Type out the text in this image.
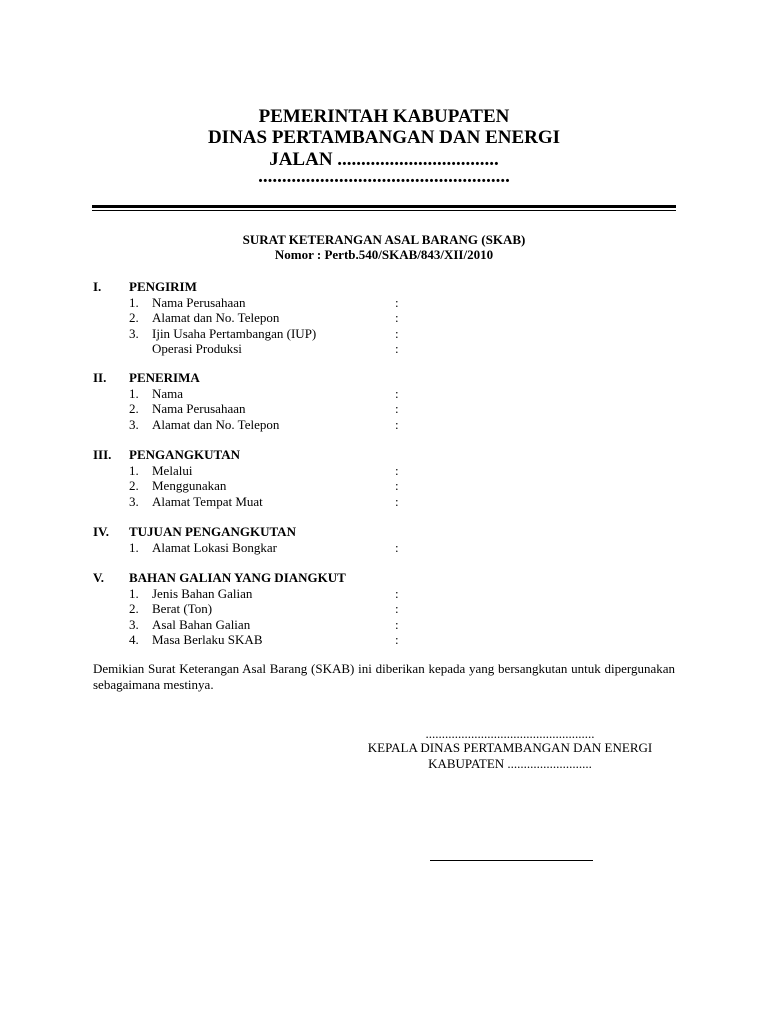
PEMERINTAH KABUPATEN
DINAS PERTAMBANGAN DAN ENERGI
JALAN ..................................
.....................................................
SURAT KETERANGAN ASAL BARANG (SKAB)
Nomor : Pertb.540/SKAB/843/XII/2010
I. PENGIRIM
1. Nama Perusahaan	:
2. Alamat dan No. Telepon	:
3. Ijin Usaha Pertambangan (IUP)	:
Operasi Produksi	:
II. PENERIMA
1. Nama	:
2. Nama Perusahaan	:
3. Alamat dan No. Telepon	:
III. PENGANGKUTAN
1. Melalui	:
2. Menggunakan	:
3. Alamat Tempat Muat	:
IV. TUJUAN PENGANGKUTAN
1. Alamat Lokasi Bongkar	:
V. BAHAN GALIAN YANG DIANGKUT
1. Jenis Bahan Galian	:
2. Berat (Ton)	:
3. Asal Bahan Galian	:
4. Masa Berlaku SKAB	:
Demikian Surat Keterangan Asal Barang (SKAB) ini diberikan kepada yang bersangkutan untuk dipergunakan sebagaimana mestinya.
....................................................
KEPALA DINAS PERTAMBANGAN DAN ENERGI
KABUPATEN ..........................
